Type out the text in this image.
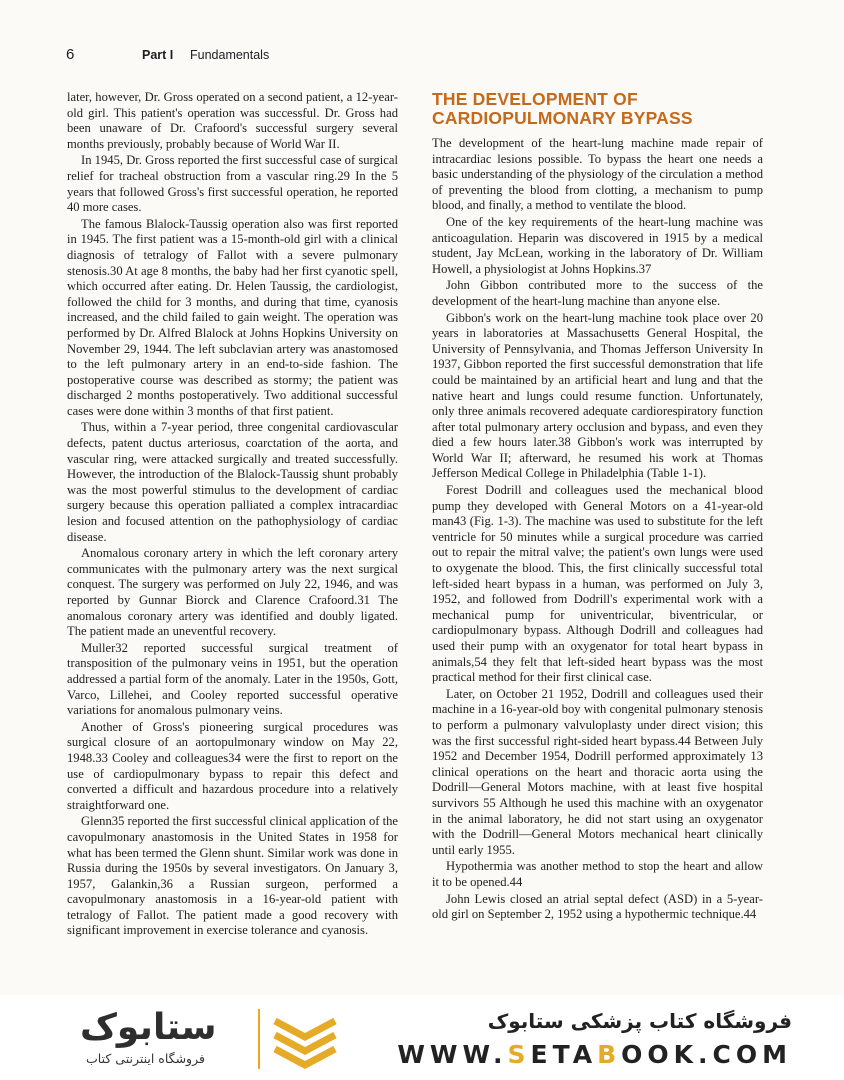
6	Part I Fundamentals

later, however, Dr. Gross operated on a second patient, a 12-year-old girl. This patient's operation was successful. Dr. Gross had been unaware of Dr. Crafoord's successful surgery several months previously, probably because of World War II.

In 1945, Dr. Gross reported the first successful case of surgical relief for tracheal obstruction from a vascular ring.29 In the 5 years that followed Gross's first successful operation, he reported 40 more cases.

The famous Blalock-Taussig operation also was first reported in 1945. The first patient was a 15-month-old girl with a clinical diagnosis of tetralogy of Fallot with a severe pulmonary stenosis.30 At age 8 months, the baby had her first cyanotic spell, which occurred after eating. Dr. Helen Taussig, the cardiologist, followed the child for 3 months, and during that time, cyanosis increased, and the child failed to gain weight. The operation was performed by Dr. Alfred Blalock at Johns Hopkins University on November 29, 1944. The left subclavian artery was anastomosed to the left pulmonary artery in an end-to-side fashion. The postoperative course was described as stormy; the patient was discharged 2 months postoperatively. Two additional successful cases were done within 3 months of that first patient.

Thus, within a 7-year period, three congenital cardiovascular defects, patent ductus arteriosus, coarctation of the aorta, and vascular ring, were attacked surgically and treated successfully. However, the introduction of the Blalock-Taussig shunt probably was the most powerful stimulus to the development of cardiac surgery because this operation palliated a complex intracardiac lesion and focused attention on the pathophysiology of cardiac disease.

Anomalous coronary artery in which the left coronary artery communicates with the pulmonary artery was the next surgical conquest. The surgery was performed on July 22, 1946, and was reported by Gunnar Biorck and Clarence Crafoord.31 The anomalous coronary artery was identified and doubly ligated. The patient made an uneventful recovery.

Muller32 reported successful surgical treatment of transposition of the pulmonary veins in 1951, but the operation addressed a partial form of the anomaly. Later in the 1950s, Gott, Varco, Lillehei, and Cooley reported successful operative variations for anomalous pulmonary veins.

Another of Gross's pioneering surgical procedures was surgical closure of an aortopulmonary window on May 22, 1948.33 Cooley and colleagues34 were the first to report on the use of cardiopulmonary bypass to repair this defect and converted a difficult and hazardous procedure into a relatively straightforward one.

Glenn35 reported the first successful clinical application of the cavopulmonary anastomosis in the United States in 1958 for what has been termed the Glenn shunt. Similar work was done in Russia during the 1950s by several investigators. On January 3, 1957, Galankin,36 a Russian surgeon, performed a cavopulmonary anastomosis in a 16-year-old patient with tetralogy of Fallot. The patient made a good recovery with significant improvement in exercise tolerance and cyanosis.

THE DEVELOPMENT OF CARDIOPULMONARY BYPASS

The development of the heart-lung machine made repair of intracardiac lesions possible. To bypass the heart one needs a basic understanding of the physiology of the circulation a method of preventing the blood from clotting, a mechanism to pump blood, and finally, a method to ventilate the blood.

One of the key requirements of the heart-lung machine was anticoagulation. Heparin was discovered in 1915 by a medical student, Jay McLean, working in the laboratory of Dr. William Howell, a physiologist at Johns Hopkins.37

John Gibbon contributed more to the success of the development of the heart-lung machine than anyone else.

Gibbon's work on the heart-lung machine took place over 20 years in laboratories at Massachusetts General Hospital, the University of Pennsylvania, and Thomas Jefferson University In 1937, Gibbon reported the first successful demonstration that life could be maintained by an artificial heart and lung and that the native heart and lungs could resume function. Unfortunately, only three animals recovered adequate cardiorespiratory function after total pulmonary artery occlusion and bypass, and even they died a few hours later.38 Gibbon's work was interrupted by World War II; afterward, he resumed his work at Thomas Jefferson Medical College in Philadelphia (Table 1-1).

Forest Dodrill and colleagues used the mechanical blood pump they developed with General Motors on a 41-year-old man43 (Fig. 1-3). The machine was used to substitute for the left ventricle for 50 minutes while a surgical procedure was carried out to repair the mitral valve; the patient's own lungs were used to oxygenate the blood. This, the first clinically successful total left-sided heart bypass in a human, was performed on July 3, 1952, and followed from Dodrill's experimental work with a mechanical pump for univentricular, biventricular, or cardiopulmonary bypass. Although Dodrill and colleagues had used their pump with an oxygenator for total heart bypass in animals,54 they felt that left-sided heart bypass was the most practical method for their first clinical case.

Later, on October 21 1952, Dodrill and colleagues used their machine in a 16-year-old boy with congenital pulmonary stenosis to perform a pulmonary valvuloplasty under direct vision; this was the first successful right-sided heart bypass.44 Between July 1952 and December 1954, Dodrill performed approximately 13 clinical operations on the heart and thoracic aorta using the Dodrill—General Motors machine, with at least five hospital survivors 55 Although he used this machine with an oxygenator in the animal laboratory, he did not start using an oxygenator with the Dodrill—General Motors mechanical heart clinically until early 1955.

Hypothermia was another method to stop the heart and allow it to be opened.44

John Lewis closed an atrial septal defect (ASD) in a 5-year-old girl on September 2, 1952 using a hypothermic technique.44

ستابوک
فروشگاه اینترنتی کتاب
فروشگاه کتاب پزشکی ستابوک
WWW.SETABOOK.COM
